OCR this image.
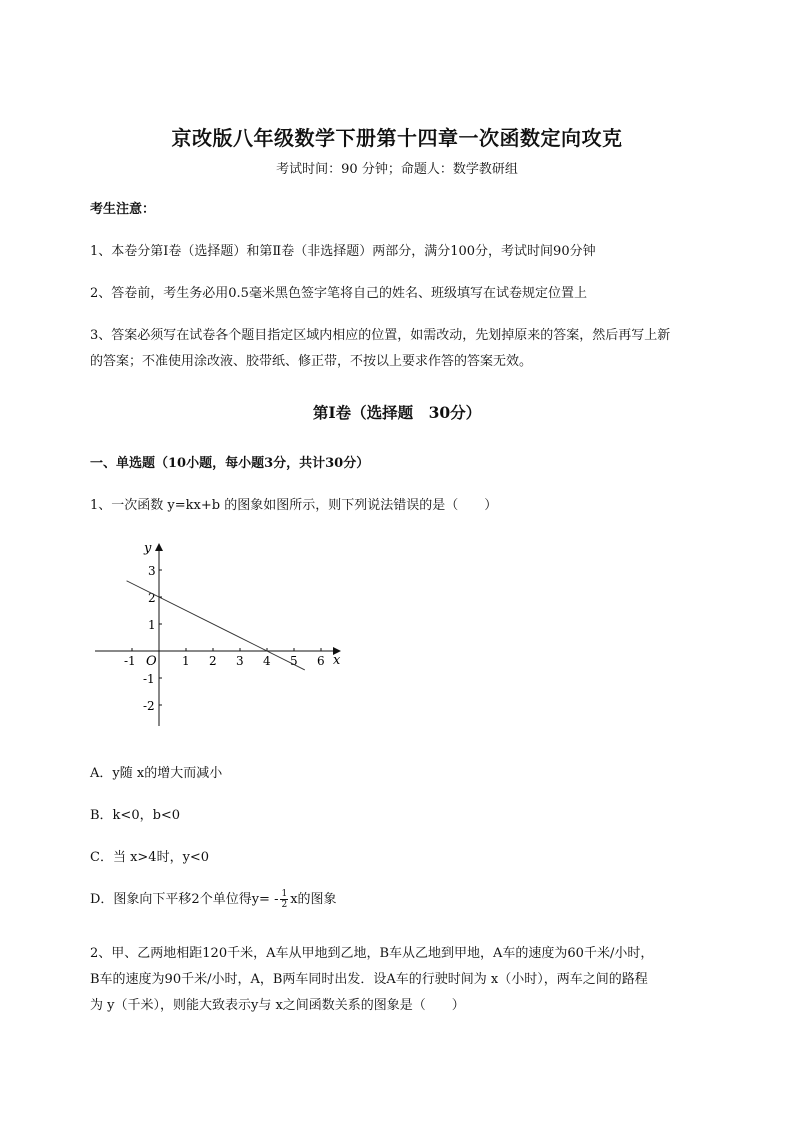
京改版八年级数学下册第十四章一次函数定向攻克
考试时间：90 分钟；命题人：数学教研组
考生注意：
1、本卷分第Ⅰ卷（选择题）和第Ⅱ卷（非选择题）两部分，满分100分，考试时间90分钟
2、答卷前，考生务必用0.5毫米黑色签字笔将自己的姓名、班级填写在试卷规定位置上
3、答案必须写在试卷各个题目指定区域内相应的位置，如需改动，先划掉原来的答案，然后再写上新
的答案；不准使用涂改液、胶带纸、修正带，不按以上要求作答的答案无效。
第Ⅰ卷（选择题　30分）
一、单选题（10小题，每小题3分，共计30分）
1、一次函数 y=kx+b 的图象如图所示，则下列说法错误的是（　　）
x
y
O
-1	1 2 3 4 5 6
3
2
1
-1
-2
A．y随 x的增大而减小
B．k<0，b<0
C．当 x>4时，y<0
D．图象向下平移2个单位得$y= - \frac{1}{2}$ x的图象
2、甲、乙两地相距120千米，A车从甲地到乙地，B车从乙地到甲地，A车的速度为60千米/小时，
B车的速度为90千米/小时，A，B两车同时出发．设A车的行驶时间为 x（小时），两车之间的路程
为 y（千米），则能大致表示y与 x之间函数关系的图象是（　　）
